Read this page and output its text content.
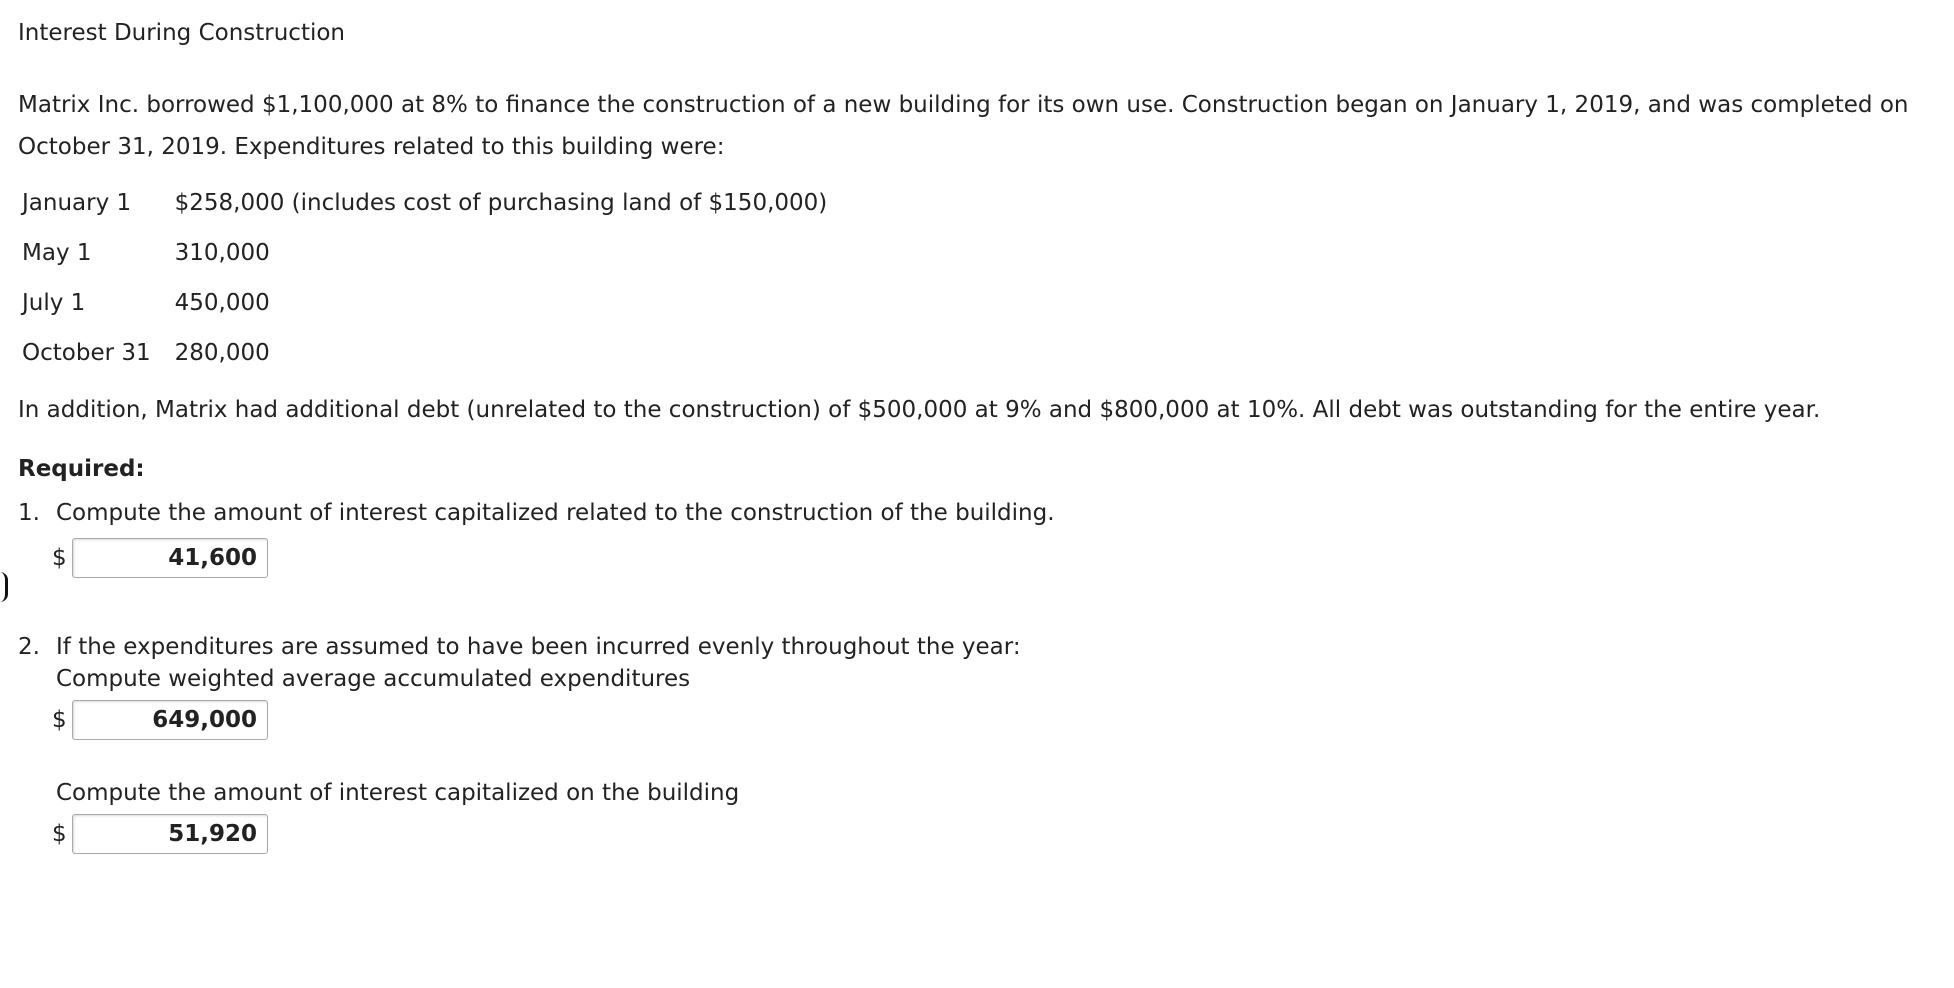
Interest During Construction
Matrix Inc. borrowed $1,100,000 at 8% to finance the construction of a new building for its own use. Construction began on January 1, 2019, and was completed on October 31, 2019. Expenditures related to this building were:
January 1	$258,000 (includes cost of purchasing land of $150,000)
May 1	310,000
July 1	450,000
October 31	280,000
In addition, Matrix had additional debt (unrelated to the construction) of $500,000 at 9% and $800,000 at 10%. All debt was outstanding for the entire year.
Required:
1. Compute the amount of interest capitalized related to the construction of the building.
$	41,600
2. If the expenditures are assumed to have been incurred evenly throughout the year:
Compute weighted average accumulated expenditures
$	649,000
Compute the amount of interest capitalized on the building
$	51,920
